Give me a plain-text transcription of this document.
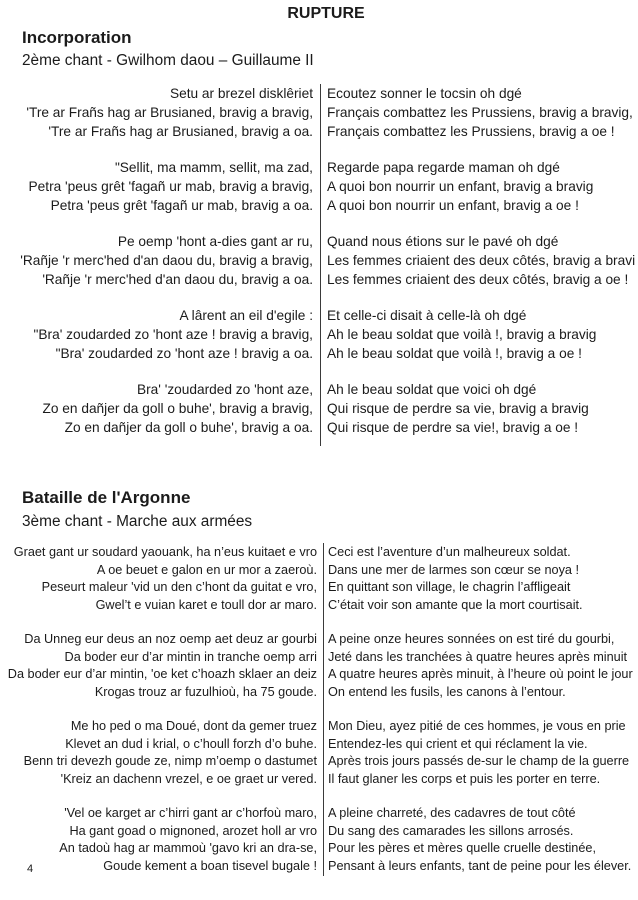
RUPTURE
Incorporation
2ème chant - Gwilhom daou – Guillaume II
Setu ar brezel disklêriet
'Tre ar Frañs hag ar Brusianed, bravig a bravig,
'Tre ar Frañs hag ar Brusianed, bravig a oa.
Ecoutez sonner le tocsin oh dgé
Français combattez les Prussiens, bravig a bravig,
Français combattez les Prussiens, bravig a oe !
"Sellit, ma mamm, sellit, ma zad,
Petra 'peus grêt 'fagañ ur mab, bravig a bravig,
Petra 'peus grêt 'fagañ ur mab, bravig a oa.
Regarde papa regarde maman oh dgé
A quoi bon nourrir un enfant, bravig a bravig
A quoi bon nourrir un enfant, bravig a oe !
Pe oemp 'hont a-dies gant ar ru,
'Rañje 'r merc'hed d'an daou du, bravig a bravig,
'Rañje 'r merc'hed d'an daou du, bravig a oa.
Quand nous étions sur le pavé oh dgé
Les femmes criaient des deux côtés, bravig a bravi
Les femmes criaient des deux côtés, bravig a oe !
A lârent an eil d'egile :
"Bra' zoudarded zo 'hont aze ! bravig a bravig,
"Bra' zoudarded zo 'hont aze ! bravig a oa.
Et celle-ci disait à celle-là oh dgé
Ah le beau soldat que voilà !, bravig a bravig
Ah le beau soldat que voilà !, bravig a oe !
Bra' 'zoudarded zo 'hont aze,
Zo en dañjer da goll o buhe', bravig a bravig,
Zo en dañjer da goll o buhe', bravig a oa.
Ah le beau soldat que voici oh dgé
Qui risque de perdre sa vie, bravig a bravig
Qui risque de perdre sa vie!, bravig a oe !
Bataille de l'Argonne
3ème chant - Marche aux armées
Graet gant ur soudard yaouank, ha n’eus kuitaet e vro
A oe beuet e galon en ur mor a zaeroù.
Peseurt maleur 'vid un den c’hont da guitat e vro,
Gwel’t e vuian karet e toull dor ar maro.
Ceci est l’aventure d’un malheureux soldat.
Dans une mer de larmes son cœur se noya !
En quittant son village, le chagrin l’affligeait
C’était voir son amante que la mort courtisait.
Da Unneg eur deus an noz oemp aet deuz ar gourbi
Da boder eur d’ar mintin in tranche oemp arri
Da boder eur d’ar mintin, 'oe ket c’hoazh sklaer an deiz
Krogas trouz ar fuzulhioù, ha 75 goude.
A peine onze heures sonnées on est tiré du gourbi,
Jeté dans les tranchées à quatre heures après minuit
A quatre heures après minuit, à l’heure où point le jour
On entend les fusils, les canons à l’entour.
Me ho ped o ma Doué, dont da gemer truez
Klevet an dud i krial, o c’houll forzh d’o buhe.
Benn tri devezh goude ze, nimp m’oemp o dastumet
'Kreiz an dachenn vrezel, e oe graet ur vered.
Mon Dieu, ayez pitié de ces hommes, je vous en prie
Entendez-les qui crient et qui réclament la vie.
Après trois jours passés de-sur le champ de la guerre
Il faut glaner les corps et puis les porter en terre.
'Vel oe karget ar c’hirri gant ar c’horfoù maro,
Ha gant goad o mignoned, arozet holl ar vro
An tadoù hag ar mammoù 'gavo kri an dra-se,
Goude kement a boan tisevel bugale !
A pleine charreté, des cadavres de tout côté
Du sang des camarades les sillons arrosés.
Pour les pères et mères quelle cruelle destinée,
Pensant à leurs enfants, tant de peine pour les élever.
4
